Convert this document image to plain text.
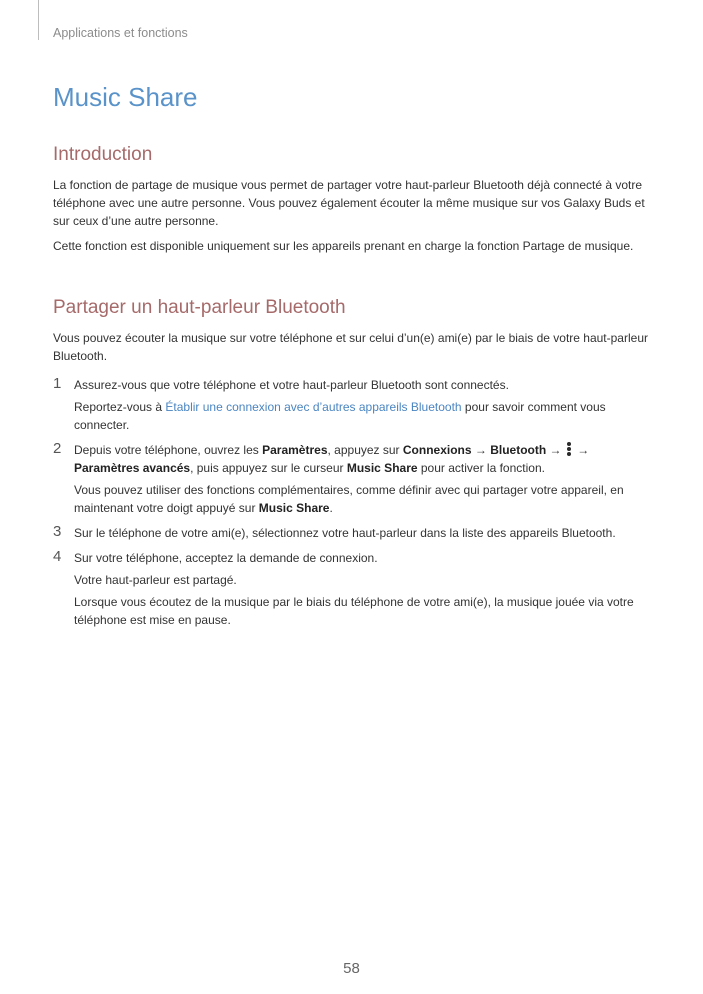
Applications et fonctions
Music Share
Introduction

La fonction de partage de musique vous permet de partager votre haut-parleur Bluetooth déjà connecté à votre téléphone avec une autre personne. Vous pouvez également écouter la même musique sur vos Galaxy Buds et sur ceux d’une autre personne.

Cette fonction est disponible uniquement sur les appareils prenant en charge la fonction Partage de musique.

Partager un haut-parleur Bluetooth

Vous pouvez écouter la musique sur votre téléphone et sur celui d’un(e) ami(e) par le biais de votre haut-parleur Bluetooth.

1 Assurez-vous que votre téléphone et votre haut-parleur Bluetooth sont connectés.

Reportez-vous à Établir une connexion avec d’autres appareils Bluetooth pour savoir comment vous connecter.

2 Depuis votre téléphone, ouvrez les Paramètres, appuyez sur Connexions → Bluetooth →
→ Paramètres avancés, puis appuyez sur le curseur Music Share pour activer la fonction.

Vous pouvez utiliser des fonctions complémentaires, comme définir avec qui partager votre appareil, en maintenant votre doigt appuyé sur Music Share.

3 Sur le téléphone de votre ami(e), sélectionnez votre haut-parleur dans la liste des appareils Bluetooth.

4 Sur votre téléphone, acceptez la demande de connexion.

Votre haut-parleur est partagé.

Lorsque vous écoutez de la musique par le biais du téléphone de votre ami(e), la musique jouée via votre téléphone est mise en pause.

58
